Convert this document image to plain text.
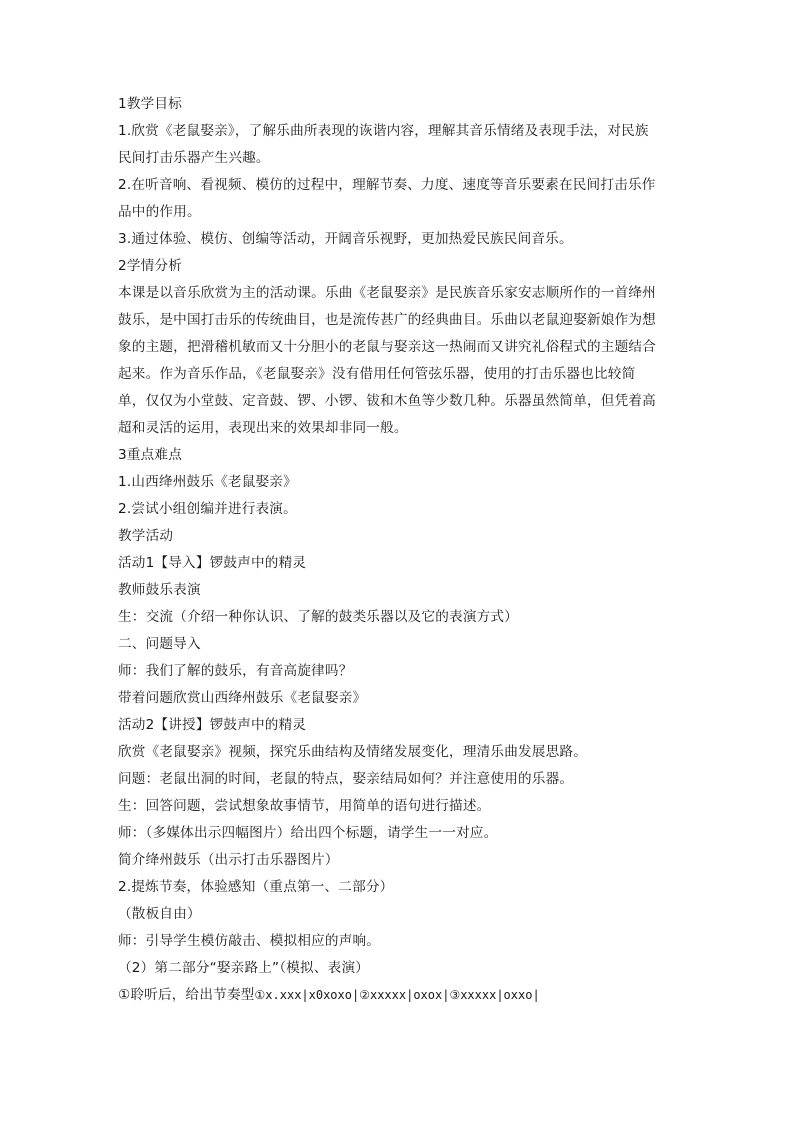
1教学目标
1.欣赏《老鼠娶亲》，了解乐曲所表现的诙谐内容，理解其音乐情绪及表现手法，对民族
民间打击乐器产生兴趣。
2.在听音响、看视频、模仿的过程中，理解节奏、力度、速度等音乐要素在民间打击乐作
品中的作用。
3.通过体验、模仿、创编等活动，开阔音乐视野，更加热爱民族民间音乐。
2学情分析
本课是以音乐欣赏为主的活动课。乐曲《老鼠娶亲》是民族音乐家安志顺所作的一首绛州
鼓乐，是中国打击乐的传统曲目，也是流传甚广的经典曲目。乐曲以老鼠迎娶新娘作为想
象的主题，把滑稽机敏而又十分胆小的老鼠与娶亲这一热闹而又讲究礼俗程式的主题结合
起来。作为音乐作品，《老鼠娶亲》没有借用任何管弦乐器，使用的打击乐器也比较简
单，仅仅为小堂鼓、定音鼓、锣、小锣、钹和木鱼等少数几种。乐器虽然简单，但凭着高
超和灵活的运用，表现出来的效果却非同一般。
3重点难点
1.山西绛州鼓乐《老鼠娶亲》
2.尝试小组创编并进行表演。
教学活动
活动1【导入】锣鼓声中的精灵
教师鼓乐表演
生：交流（介绍一种你认识、了解的鼓类乐器以及它的表演方式）
二、问题导入
师：我们了解的鼓乐，有音高旋律吗？
带着问题欣赏山西绛州鼓乐《老鼠娶亲》
活动2【讲授】锣鼓声中的精灵
欣赏《老鼠娶亲》视频，探究乐曲结构及情绪发展变化，理清乐曲发展思路。
问题：老鼠出洞的时间，老鼠的特点，娶亲结局如何？并注意使用的乐器。
生：回答问题，尝试想象故事情节，用简单的语句进行描述。
师：（多媒体出示四幅图片）给出四个标题，请学生一一对应。
简介绛州鼓乐（出示打击乐器图片）
2.提炼节奏，体验感知（重点第一、二部分）
（散板自由）
师：引导学生模仿敲击、模拟相应的声响。
（2）第二部分“娶亲路上”（模拟、表演）
①聆听后，给出节奏型①x.xxx|x0xoxo|②xxxxx|oxox|③xxxxx|oxxo|
